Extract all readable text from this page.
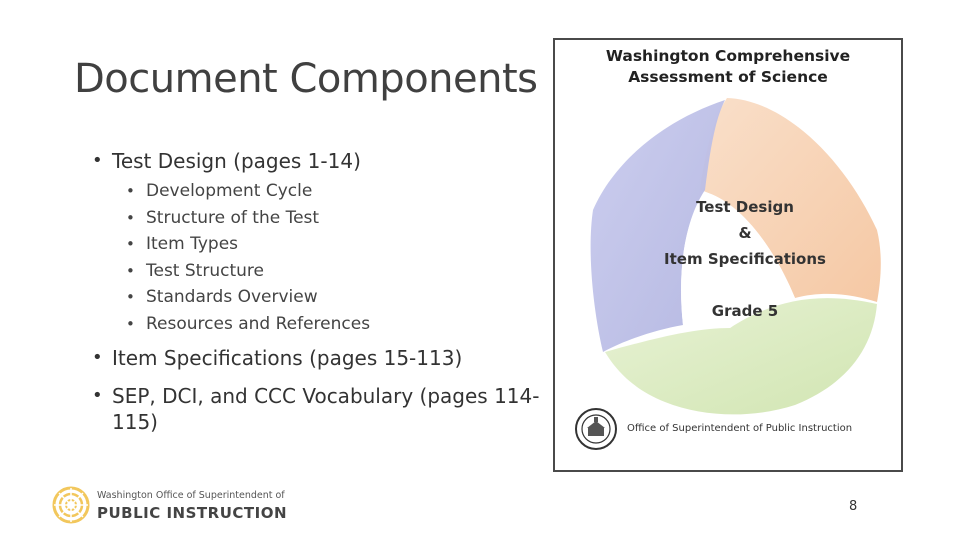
Document Components
• Test Design (pages 1-14)
• Development Cycle
• Structure of the Test
• Item Types
• Test Structure
• Standards Overview
• Resources and References
• Item Specifications (pages 15-113)
• SEP, DCI, and CCC Vocabulary (pages 114-115)
Washington Comprehensive
Assessment of Science
Test Design
&
Item Specifications
Grade 5
Office of Superintendent of Public Instruction
Washington Office of Superintendent of
PUBLIC INSTRUCTION	8
